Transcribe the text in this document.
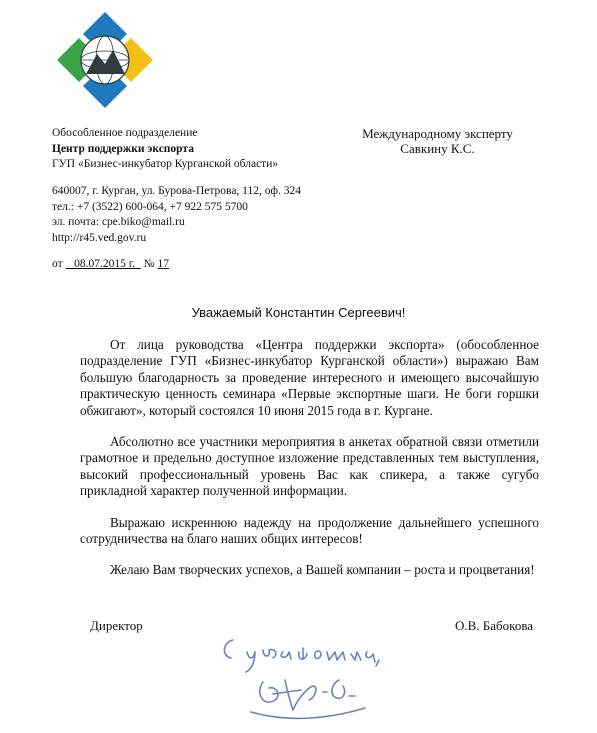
Обособленное подразделение
Центр поддержки экспорта
ГУП «Бизнес-инкубатор Курганской области»
Международному эксперту
Савкину К.С.
640007, г. Курган, ул. Бурова-Петрова, 112, оф. 324
тел.: +7 (3522) 600-064, +7 922 575 5700
эл. почта: cpe.biko@mail.ru
http://r45.ved.gov.ru
от 08.07.2015 г. № 17
Уважаемый Константин Сергеевич!
От лица руководства «Центра поддержки экспорта» (обособленное подразделение ГУП «Бизнес-инкубатор Курганской области») выражаю Вам большую благодарность за проведение интересного и имеющего высочайшую практическую ценность семинара «Первые экспортные шаги. Не боги горшки обжигают», который состоялся 10 июня 2015 года в г. Кургане.
Абсолютно все участники мероприятия в анкетах обратной связи отметили грамотное и предельно доступное изложение представленных тем выступления, высокий профессиональный уровень Вас как спикера, а также сугубо прикладной характер полученной информации.
Выражаю искреннюю надежду на продолжение дальнейшего успешного сотрудничества на благо наших общих интересов!
Желаю Вам творческих успехов, а Вашей компании – роста и процветания!
Директор	О.В. Бабокова
